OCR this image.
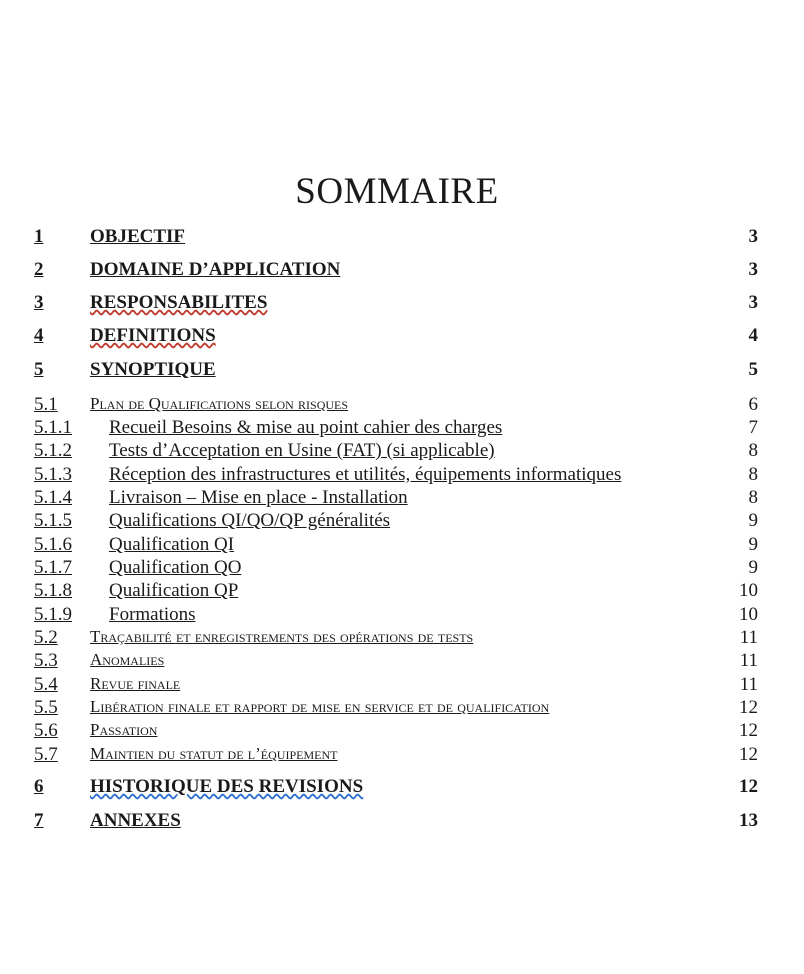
SOMMAIRE
1 OBJECTIF	3
2 DOMAINE D’APPLICATION	3
3 RESPONSABILITES	3
4 DEFINITIONS	4
5 SYNOPTIQUE	5
5.1 Plan de Qualifications selon risques	6
5.1.1 Recueil Besoins & mise au point cahier des charges	7
5.1.2 Tests d’Acceptation en Usine (FAT) (si applicable)	8
5.1.3 Réception des infrastructures et utilités, équipements informatiques	8
5.1.4 Livraison – Mise en place - Installation	8
5.1.5 Qualifications QI/QO/QP généralités	9
5.1.6 Qualification QI	9
5.1.7 Qualification QO	9
5.1.8 Qualification QP	10
5.1.9 Formations	10
5.2 Traçabilité et enregistrements des opérations de tests	11
5.3 Anomalies	11
5.4 Revue finale	11
5.5 Libération finale et rapport de mise en service et de qualification	12
5.6 Passation	12
5.7 Maintien du statut de l’équipement	12
6 HISTORIQUE DES REVISIONS	12
7 ANNEXES	13
